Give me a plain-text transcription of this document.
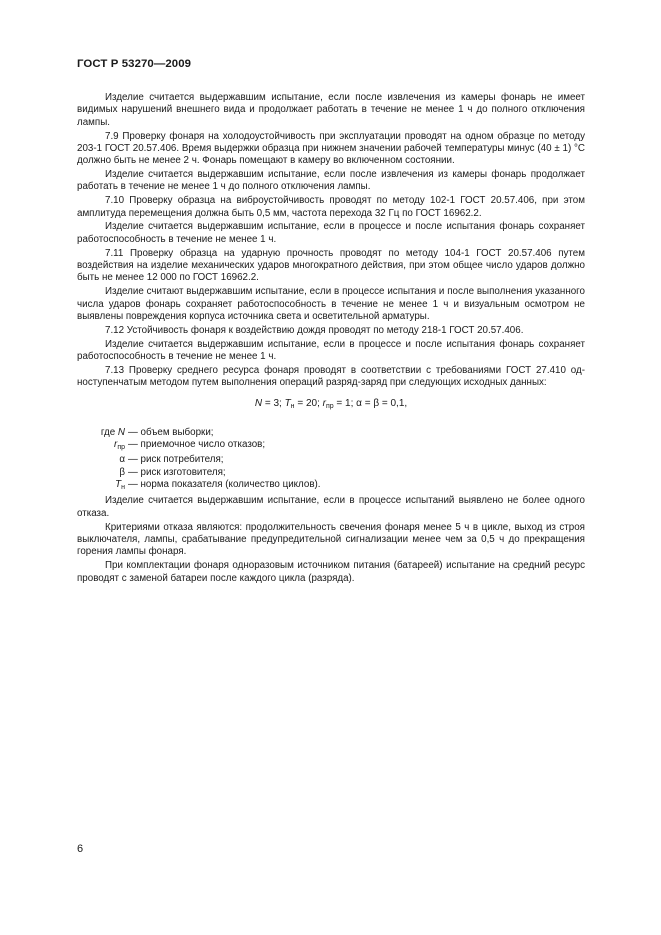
ГОСТ Р 53270—2009

Изделие считается выдержавшим испытание, если после извлечения из камеры фонарь не имеет видимых нарушений внешнего вида и продолжает работать в течение не менее 1 ч до полного отключения лампы.

7.9 Проверку фонаря на холодоустойчивость при эксплуатации проводят на одном образце по методу 203-1 ГОСТ 20.57.406. Время выдержки образца при нижнем значении рабочей температуры минус (40 ± 1) °С должно быть не менее 2 ч. Фонарь помещают в камеру во включенном состоянии.

Изделие считается выдержавшим испытание, если после извлечения из камеры фонарь продолжает работать в течение не менее 1 ч до полного отключения лампы.

7.10 Проверку образца на виброустойчивость проводят по методу 102-1 ГОСТ 20.57.406, при этом амплитуда перемещения должна быть 0,5 мм, частота перехода 32 Гц по ГОСТ 16962.2.

Изделие считается выдержавшим испытание, если в процессе и после испытания фонарь сохраняет работоспособность в течение не менее 1 ч.

7.11 Проверку образца на ударную прочность проводят по методу 104-1 ГОСТ 20.57.406 путем воздействия на изделие механических ударов многократного действия, при этом общее число ударов должно быть не менее 12 000 по ГОСТ 16962.2.

Изделие считают выдержавшим испытание, если в процессе испытания и после выполнения указанного числа ударов фонарь сохраняет работоспособность в течение не менее 1 ч и визуальным осмотром не выявлены повреждения корпуса источника света и осветительной арматуры.

7.12 Устойчивость фонаря к воздействию дождя проводят по методу 218-1 ГОСТ 20.57.406.

Изделие считается выдержавшим испытание, если в процессе и после испытания фонарь сохраняет работоспособность в течение не менее 1 ч.

7.13 Проверку среднего ресурса фонаря проводят в соответствии с требованиями ГОСТ 27.410 одноступенчатым методом путем выполнения операций разряд-заряд при следующих исходных данных:

N = 3; $T_н = 20$; $r_{пр} = 1$; α = β = 0,1,
где N — объем выборки;
$r_{пр}$ — приемочное число отказов;
α — риск потребителя;
β — риск изготовителя;
$T_н$ — норма показателя (количество циклов).

Изделие считается выдержавшим испытание, если в процессе испытаний выявлено не более одного отказа.

Критериями отказа являются: продолжительность свечения фонаря менее 5 ч в цикле, выход из строя выключателя, лампы, срабатывание предупредительной сигнализации менее чем за 0,5 ч до прекращения горения лампы фонаря.

При комплектации фонаря одноразовым источником питания (батареей) испытание на средний ресурс проводят с заменой батареи после каждого цикла (разряда).

6
